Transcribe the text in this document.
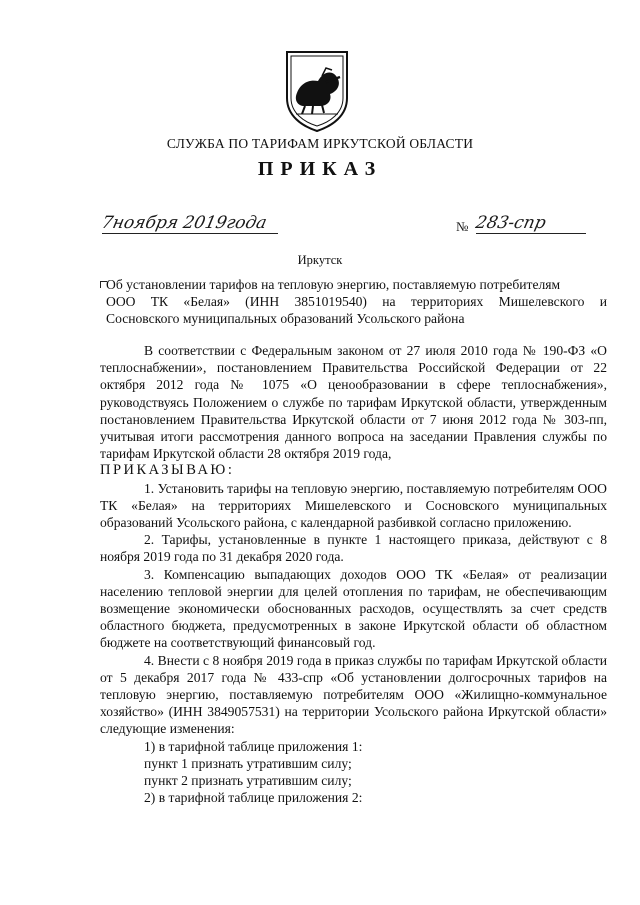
СЛУЖБА ПО ТАРИФАМ ИРКУТСКОЙ ОБЛАСТИ
ПРИКАЗ
7ноября 2019года	№ 283-спр
Иркутск
Об установлении тарифов на тепловую энергию, поставляемую потребителям
ООО ТК «Белая» (ИНН 3851019540) на территориях Мишелевского и
Сосновского муниципальных образований Усольского района

В соответствии с Федеральным законом от 27 июля 2010 года № 190-ФЗ «О теплоснабжении», постановлением Правительства Российской Федерации от 22 октября 2012 года № 1075 «О ценообразовании в сфере теплоснабжения», руководствуясь Положением о службе по тарифам Иркутской области, утвержденным постановлением Правительства Иркутской области от 7 июня 2012 года № 303-пп, учитывая итоги рассмотрения данного вопроса на заседании Правления службы по тарифам Иркутской области 28 октября 2019 года,

ПРИКАЗЫВАЮ:

1. Установить тарифы на тепловую энергию, поставляемую потребителям ООО ТК «Белая» на территориях Мишелевского и Сосновского муниципальных образований Усольского района, с календарной разбивкой согласно приложению.

2. Тарифы, установленные в пункте 1 настоящего приказа, действуют с 8 ноября 2019 года по 31 декабря 2020 года.

3. Компенсацию выпадающих доходов ООО ТК «Белая» от реализации населению тепловой энергии для целей отопления по тарифам, не обеспечивающим возмещение экономически обоснованных расходов, осуществлять за счет средств областного бюджета, предусмотренных в законе Иркутской области об областном бюджете на соответствующий финансовый год.

4. Внести с 8 ноября 2019 года в приказ службы по тарифам Иркутской области от 5 декабря 2017 года № 433-спр «Об установлении долгосрочных тарифов на тепловую энергию, поставляемую потребителям ООО «Жилищно-коммунальное хозяйство» (ИНН 3849057531) на территории Усольского района Иркутской области» следующие изменения:

1) в тарифной таблице приложения 1:

пункт 1 признать утратившим силу;

пункт 2 признать утратившим силу;

2) в тарифной таблице приложения 2:
